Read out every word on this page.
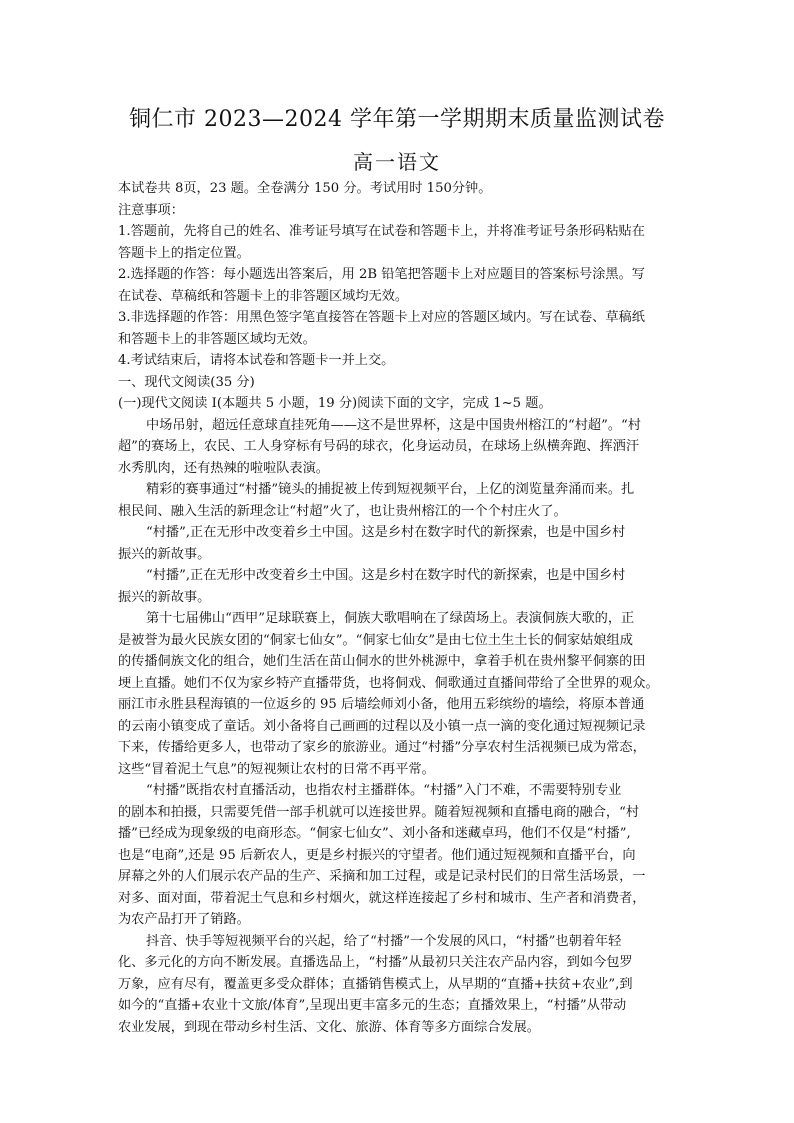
铜仁市 2023—2024 学年第一学期期末质量监测试卷
高一语文
本试卷共 8页，23 题。全卷满分 150 分。考试用时 150分钟。
注意事项：
1.答题前，先将自己的姓名、准考证号填写在试卷和答题卡上，并将准考证号条形码粘贴在
答题卡上的指定位置。
2.选择题的作答：每小题选出答案后，用 2B 铅笔把答题卡上对应题目的答案标号涂黑。写
在试卷、草稿纸和答题卡上的非答题区域均无效。
3.非选择题的作答：用黑色签字笔直接答在答题卡上对应的答题区域内。写在试卷、草稿纸
和答题卡上的非答题区域均无效。
4.考试结束后，请将本试卷和答题卡一并上交。
一、现代文阅读(35 分)
(一)现代文阅读 I(本题共 5 小题，19 分)阅读下面的文字，完成 1~5 题。
中场吊射，超远任意球直挂死角——这不是世界杯，这是中国贵州榕江的“村超”。“村
超”的赛场上，农民、工人身穿标有号码的球衣，化身运动员，在球场上纵横奔跑、挥洒汗
水秀肌肉，还有热辣的啦啦队表演。
精彩的赛事通过“村播”镜头的捕捉被上传到短视频平台，上亿的浏览量奔涌而来。扎
根民间、融入生活的新理念让“村超”火了，也让贵州榕江的一个个村庄火了。
“村播”,正在无形中改变着乡土中国。这是乡村在数字时代的新探索，也是中国乡村
振兴的新故事。
“村播”,正在无形中改变着乡土中国。这是乡村在数字时代的新探索，也是中国乡村
振兴的新故事。
第十七届佛山“西甲”足球联赛上，侗族大歌唱响在了绿茵场上。表演侗族大歌的，正
是被誉为最火民族女团的“侗家七仙女”。“侗家七仙女”是由七位土生土长的侗家姑娘组成
的传播侗族文化的组合，她们生活在苗山侗水的世外桃源中，拿着手机在贵州黎平侗寨的田
埂上直播。她们不仅为家乡特产直播带货，也将侗戏、侗歌通过直播间带给了全世界的观众。
丽江市永胜县程海镇的一位返乡的 95 后墙绘师刘小备，他用五彩缤纷的墙绘，将原本普通
的云南小镇变成了童话。刘小备将自己画画的过程以及小镇一点一滴的变化通过短视频记录
下来，传播给更多人，也带动了家乡的旅游业。通过“村播”分享农村生活视频已成为常态，
这些“冒着泥土气息”的短视频让农村的日常不再平常。
“村播”既指农村直播活动，也指农村主播群体。“村播”入门不难，不需要特别专业
的剧本和拍摄，只需要凭借一部手机就可以连接世界。随着短视频和直播电商的融合，“村
播”已经成为现象级的电商形态。“侗家七仙女”、刘小备和迷藏卓玛，他们不仅是“村播”,
也是“电商”,还是 95 后新农人，更是乡村振兴的守望者。他们通过短视频和直播平台，向
屏幕之外的人们展示农产品的生产、采摘和加工过程，或是记录村民们的日常生活场景，一
对多、面对面，带着泥土气息和乡村烟火，就这样连接起了乡村和城市、生产者和消费者，
为农产品打开了销路。
抖音、快手等短视频平台的兴起，给了“村播”一个发展的风口，“村播”也朝着年轻
化、多元化的方向不断发展。直播选品上，“村播”从最初只关注农产品内容，到如今包罗
万象，应有尽有，覆盖更多受众群体；直播销售模式上，从早期的“直播+扶贫+农业”,到
如今的“直播+农业十文旅/体育”,呈现出更丰富多元的生态；直播效果上，“村播”从带动
农业发展，到现在带动乡村生活、文化、旅游、体育等多方面综合发展。
